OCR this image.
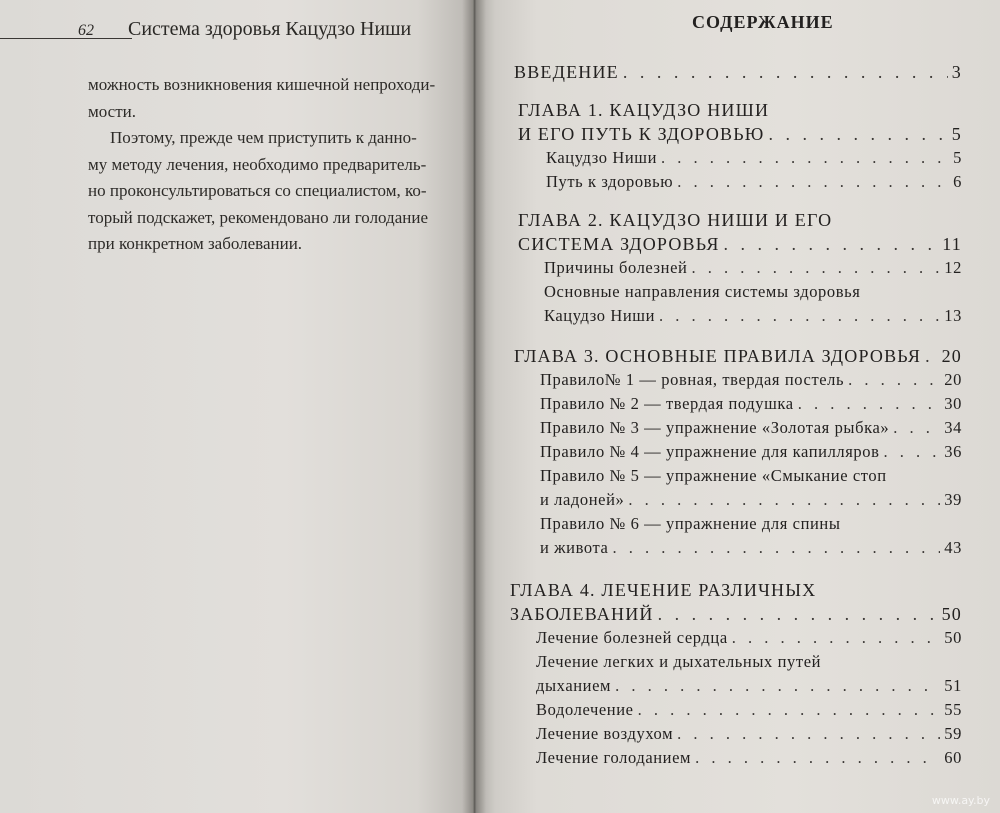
62 Система здоровья Кацудзо Ниши

можность возникновения кишечной непроходи-

мости.

Поэтому, прежде чем приступить к данно-

му методу лечения, необходимо предваритель-

но проконсультироваться со специалистом, ко-

торый подскажет, рекомендовано ли голодание

при конкретном заболевании.

СОДЕРЖАНИЕ
ВВЕДЕНИЕ . . .	3
ГЛАВА 1. КАЦУДЗО НИШИ
И ЕГО ПУТЬ К ЗДОРОВЬЮ . . .	5
Кацудзо Ниши . . .	5
Путь к здоровью . . .	6
ГЛАВА 2. КАЦУДЗО НИШИ И ЕГО
СИСТЕМА ЗДОРОВЬЯ . . .	11
Причины болезней . . .	12
Основные направления системы здоровья
Кацудзо Ниши . . .	13
ГЛАВА 3. ОСНОВНЫЕ ПРАВИЛА ЗДОРОВЬЯ . . . 20
Правило№ 1 — ровная, твердая постель . . .	20
Правило № 2 — твердая подушка . . .	30
Правило № 3 — упражнение «Золотая рыбка» . . .	34
Правило № 4 — упражнение для капилляров . . .	36
Правило № 5 — упражнение «Смыкание стоп
и ладоней» . . .	39
Правило № 6 — упражнение для спины
и живота . . .	43
ГЛАВА 4. ЛЕЧЕНИЕ РАЗЛИЧНЫХ
ЗАБОЛЕВАНИЙ . . .	50
Лечение болезней сердца . . .	50
Лечение легких и дыхательных путей
дыханием . . .	51
Водолечение . . .	55
Лечение воздухом . . .	59
Лечение голоданием . . .	60
www.ay.by
